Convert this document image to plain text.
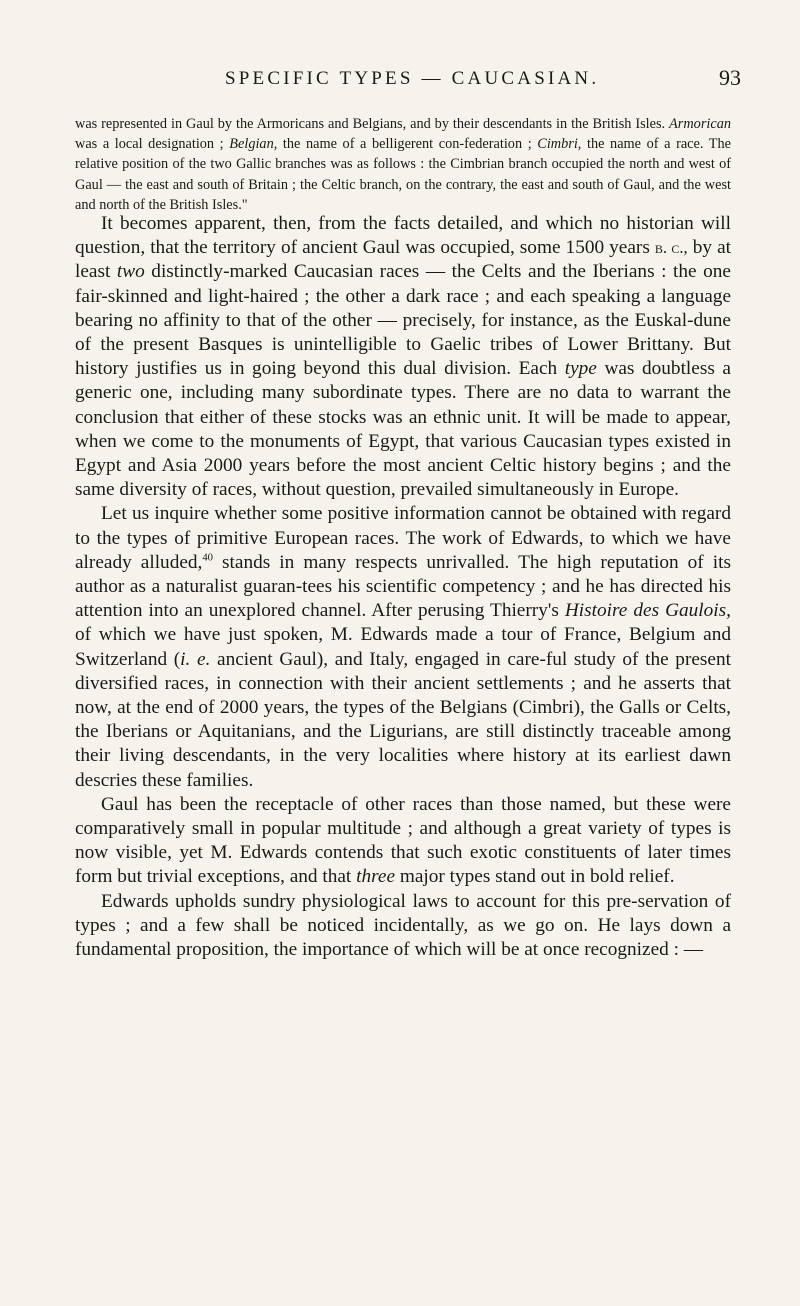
SPECIFIC TYPES — CAUCASIAN.	93

was represented in Gaul by the Armoricans and Belgians, and by their descendants in the British Isles. Armorican was a local designation ; Belgian, the name of a belligerent con-federation ; Cimbri, the name of a race. The relative position of the two Gallic branches was as follows : the Cimbrian branch occupied the north and west of Gaul — the east and south of Britain ; the Celtic branch, on the contrary, the east and south of Gaul, and the west and north of the British Isles."

It becomes apparent, then, from the facts detailed, and which no historian will question, that the territory of ancient Gaul was occupied, some 1500 years b. c., by at least two distinctly-marked Caucasian races — the Celts and the Iberians : the one fair-skinned and light-haired ; the other a dark race ; and each speaking a language bearing no affinity to that of the other — precisely, for instance, as the Euskal-dune of the present Basques is unintelligible to Gaelic tribes of Lower Brittany. But history justifies us in going beyond this dual division. Each type was doubtless a generic one, including many subordinate types. There are no data to warrant the conclusion that either of these stocks was an ethnic unit. It will be made to appear, when we come to the monuments of Egypt, that various Caucasian types existed in Egypt and Asia 2000 years before the most ancient Celtic history begins ; and the same diversity of races, without question, prevailed simultaneously in Europe.

Let us inquire whether some positive information cannot be obtained with regard to the types of primitive European races. The work of Edwards, to which we have already alluded,$^{40}$ stands in many respects unrivalled. The high reputation of its author as a naturalist guaran-tees his scientific competency ; and he has directed his attention into an unexplored channel. After perusing Thierry's Histoire des Gaulois, of which we have just spoken, M. Edwards made a tour of France, Belgium and Switzerland (i. e. ancient Gaul), and Italy, engaged in care-ful study of the present diversified races, in connection with their ancient settlements ; and he asserts that now, at the end of 2000 years, the types of the Belgians (Cimbri), the Galls or Celts, the Iberians or Aquitanians, and the Ligurians, are still distinctly traceable among their living descendants, in the very localities where history at its earliest dawn descries these families.

Gaul has been the receptacle of other races than those named, but these were comparatively small in popular multitude ; and although a great variety of types is now visible, yet M. Edwards contends that such exotic constituents of later times form but trivial exceptions, and that three major types stand out in bold relief.

Edwards upholds sundry physiological laws to account for this pre-servation of types ; and a few shall be noticed incidentally, as we go on. He lays down a fundamental proposition, the importance of which will be at once recognized : —
